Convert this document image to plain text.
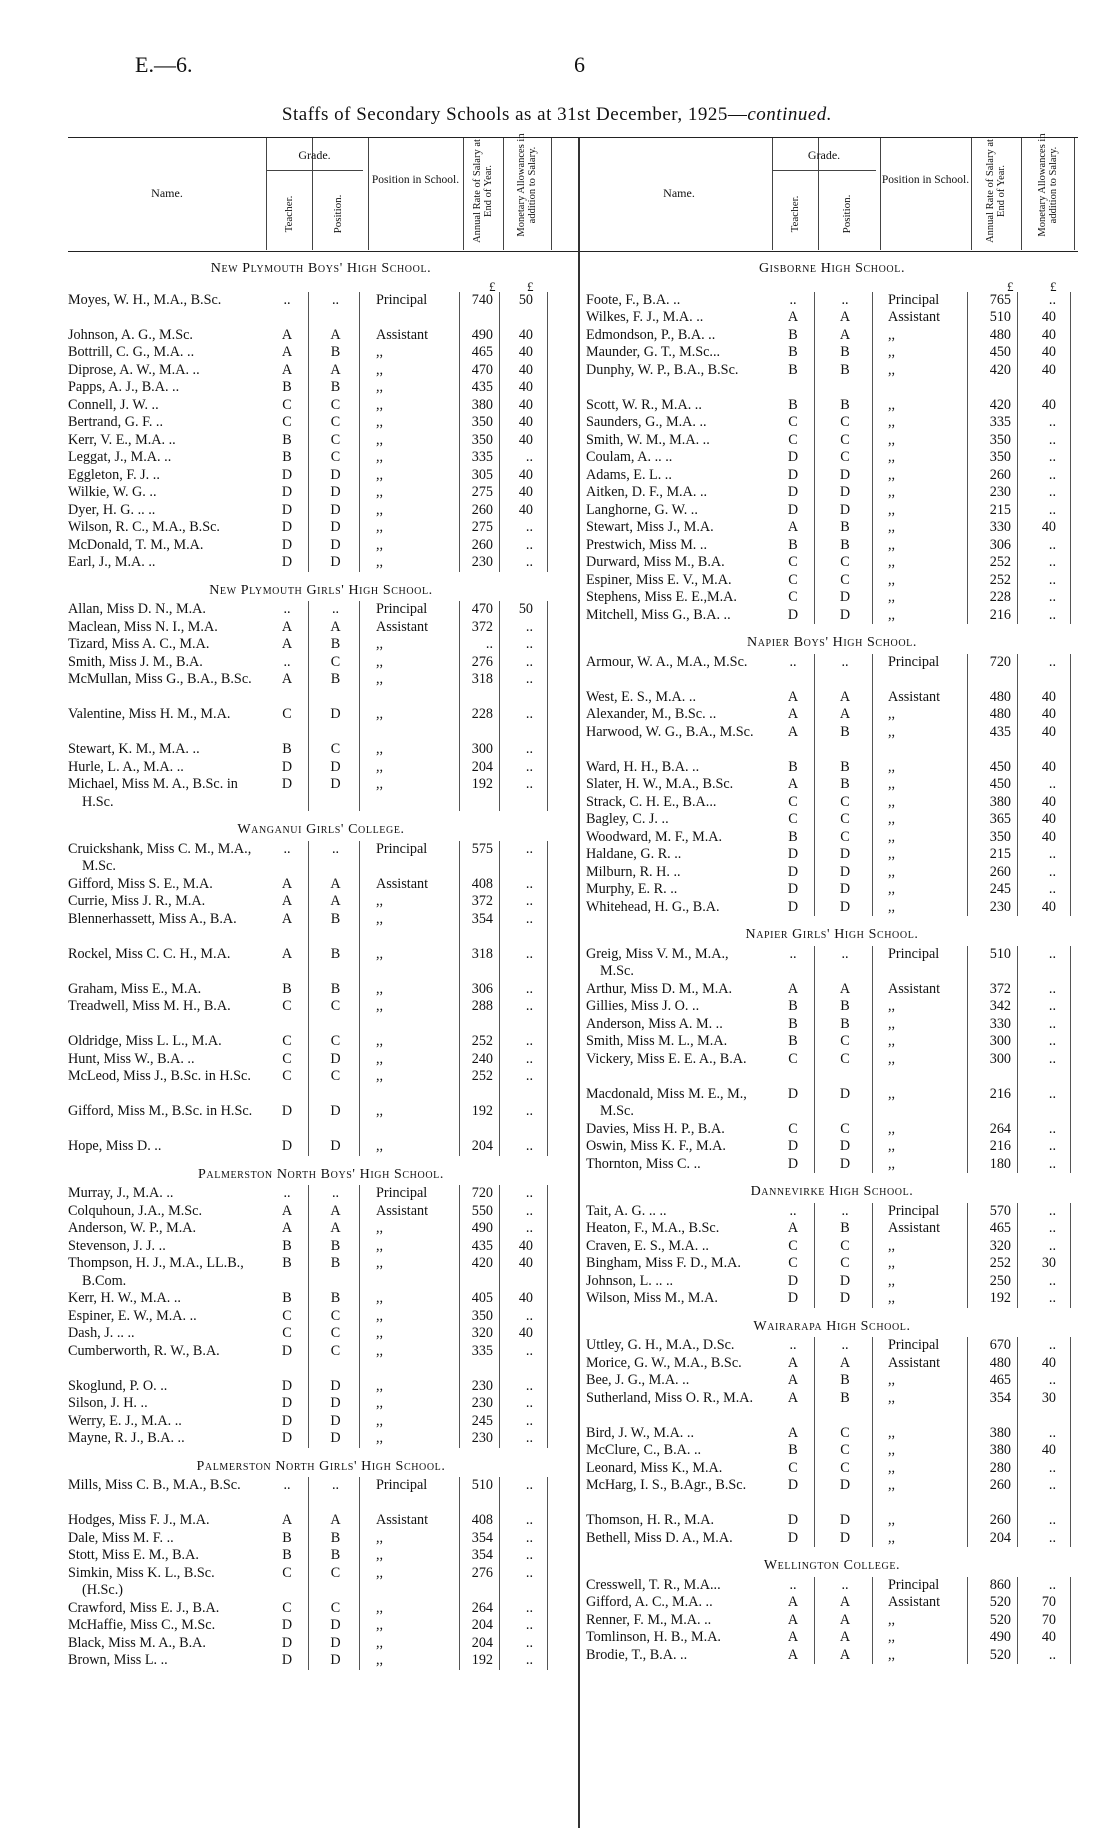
E.—6.	6
Staffs of Secondary Schools as at 31st December, 1925—continued.
Name.
Grade.
Position in School.
Teacher.	Position.	Annual Rate of Salary at End of Year. Monetary Allowances in addition to Salary.
New Plymouth Boys' High School.
£ £
Moyes, W. H., M.A., B.Sc.	..	..	Principal	740	50
Johnson, A. G., M.Sc.	A	A	Assistant	490	40
Bottrill, C. G., M.A. ..	A	B	,,	465	40
Diprose, A. W., M.A. ..	A	A	,,	470	40
Papps, A. J., B.A. ..	B	B	,,	435	40
Connell, J. W. ..	C	C	,,	380	40
Bertrand, G. F. ..	C	C	,,	350	40
Kerr, V. E., M.A. ..	B	C	,,	350	40
Leggat, J., M.A. ..	B	C	,,	335	..
Eggleton, F. J. ..	D	D	,,	305	40
Wilkie, W. G. ..	D	D	,,	275	40
Dyer, H. G. .. ..	D	D	,,	260	40
Wilson, R. C., M.A., B.Sc.	D	D	,,	275	..
McDonald, T. M., M.A.	D	D	,,	260	..
Earl, J., M.A. ..	D	D	,,	230	..
New Plymouth Girls' High School.
Allan, Miss D. N., M.A.	..	..	Principal	470	50
Maclean, Miss N. I., M.A.	A	A	Assistant	372	..
Tizard, Miss A. C., M.A.	A	B	,,	..	..
Smith, Miss J. M., B.A.	..	C	,,	276	..
McMullan, Miss G., B.A., B.Sc.	A	B	,,	318	..
Valentine, Miss H. M., M.A.	C	D	,,	228	..
Stewart, K. M., M.A. ..	B	C	,,	300	..
Hurle, L. A., M.A. ..	D	D	,,	204	..
Michael, Miss M. A., B.Sc. in H.Sc.
D	D	,,	192	..
Wanganui Girls' College.
Cruickshank, Miss C. M., M.A., M.Sc.
..	..	Principal	575	..
Gifford, Miss S. E., M.A.	A	A	Assistant	408	..
Currie, Miss J. R., M.A.	A	A	,,	372	..
Blennerhassett, Miss A., B.A.	A	B	,,	354	..
Rockel, Miss C. C. H., M.A.	A	B	,,	318	..
Graham, Miss E., M.A.	B	B	,,	306	..
Treadwell, Miss M. H., B.A.	C	C	,,	288	..
Oldridge, Miss L. L., M.A.	C	C	,,	252	..
Hunt, Miss W., B.A. ..	C	D	,,	240	..
McLeod, Miss J., B.Sc. in H.Sc.	C	C	,,	252	..
Gifford, Miss M., B.Sc. in H.Sc.	D	D	,,	192	..
Hope, Miss D. ..	D	D	,,	204	..
Palmerston North Boys' High School.
Murray, J., M.A. ..	..	..	Principal	720	..
Colquhoun, J.A., M.Sc.	A	A	Assistant	550	..
Anderson, W. P., M.A.	A	A	,,	490	..
Stevenson, J. J. ..	B	B	,,	435	40
Thompson, H. J., M.A., LL.B., B.Com.
B	B	,,	420	40
Kerr, H. W., M.A. ..	B	B	,,	405	40
Espiner, E. W., M.A. ..	C	C	,,	350	..
Dash, J. .. ..	C	C	,,	320	40
Cumberworth, R. W., B.A.	D	C	,,	335	..
Skoglund, P. O. ..	D	D	,,	230	..
Silson, J. H. ..	D	D	,,	230	..
Werry, E. J., M.A. ..	D	D	,,	245	..
Mayne, R. J., B.A. ..	D	D	,,	230	..
Palmerston North Girls' High School.
Mills, Miss C. B., M.A., B.Sc.	..	..	Principal	510	..
Hodges, Miss F. J., M.A.	A	A	Assistant	408	..
Dale, Miss M. F. ..	B	B	,,	354	..
Stott, Miss E. M., B.A.	B	B	,,	354	..
Simkin, Miss K. L., B.Sc. (H.Sc.)
C	C	,,	276	..
Crawford, Miss E. J., B.A.	C	C	,,	264	..
McHaffie, Miss C., M.Sc.	D	D	,,	204	..
Black, Miss M. A., B.A.	D	D	,,	204	..
Brown, Miss L. ..	D	D	,,	192	..
Name.
Grade.
Position in School.
Teacher.	Position.	Annual Rate of Salary at End of Year.	Monetary Allowances in addition to Salary.
Gisborne High School.
£	£
Foote, F., B.A. ..	..	..	Principal	765	..
Wilkes, F. J., M.A. ..	A	A	Assistant	510	40
Edmondson, P., B.A. ..	B	A	,,	480	40
Maunder, G. T., M.Sc...	B	B	,,	450	40
Dunphy, W. P., B.A., B.Sc.	B	B	,,	420	40
Scott, W. R., M.A. ..	B	B	,,	420	40
Saunders, G., M.A. ..	C	C	,,	335	..
Smith, W. M., M.A. ..	C	C	,,	350	..
Coulam, A. .. ..	D	C	,,	350	..
Adams, E. L. ..	D	D	,,	260	..
Aitken, D. F., M.A. ..	D	D	,,	230	..
Langhorne, G. W. ..	D	D	,,	215	..
Stewart, Miss J., M.A.	A	B	,,	330	40
Prestwich, Miss M. ..	B	B	,,	306	..
Durward, Miss M., B.A.	C	C	,,	252	..
Espiner, Miss E. V., M.A.	C	C	,,	252	..
Stephens, Miss E. E.,M.A.	C	D	,,	228	..
Mitchell, Miss G., B.A. ..	D	D	,,	216	..
Napier Boys' High School.
Armour, W. A., M.A., M.Sc.	..	..	Principal	720	..
West, E. S., M.A. ..	A	A	Assistant	480	40
Alexander, M., B.Sc. ..	A	A	,,	480	40
Harwood, W. G., B.A., M.Sc.	A	B	,,	435	40
Ward, H. H., B.A. ..	B	B	,,	450	40
Slater, H. W., M.A., B.Sc.	A	B	,,	450	..
Strack, C. H. E., B.A...	C	C	,,	380	40
Bagley, C. J. ..	C	C	,,	365	40
Woodward, M. F., M.A.	B	C	,,	350	40
Haldane, G. R. ..	D	D	,,	215	..
Milburn, R. H. ..	D	D	,,	260	..
Murphy, E. R. ..	D	D	,,	245	..
Whitehead, H. G., B.A.	D	D	,,	230	40
Napier Girls' High School.
Greig, Miss V. M., M.A., M.Sc.
..	..	Principal	510	..
Arthur, Miss D. M., M.A.	A	A	Assistant	372	..
Gillies, Miss J. O. ..	B	B	,,	342	..
Anderson, Miss A. M. ..	B	B	,,	330	..
Smith, Miss M. L., M.A.	B	C	,,	300	..
Vickery, Miss E. E. A., B.A.	C	C	,,	300	..
Macdonald, Miss M. E., M., M.Sc.
D	D	,,	216	..
Davies, Miss H. P., B.A.	C	C	,,	264	..
Oswin, Miss K. F., M.A.	D	D	,,	216	..
Thornton, Miss C. ..	D	D	,,	180	..
Dannevirke High School.
Tait, A. G. .. ..	..	..	Principal	570	..
Heaton, F., M.A., B.Sc.	A	B	Assistant	465	..
Craven, E. S., M.A. ..	C	C	,,	320	..
Bingham, Miss F. D., M.A.	C	C	,,	252	30
Johnson, L. .. ..	D	D	,,	250	..
Wilson, Miss M., M.A.	D	D	,,	192	..
Wairarapa High School.
Uttley, G. H., M.A., D.Sc.	..	..	Principal	670	..
Morice, G. W., M.A., B.Sc.	A	A	Assistant	480	40
Bee, J. G., M.A. ..	A	B	,,	465	..
Sutherland, Miss O. R., M.A.	A	B	,,	354	30
Bird, J. W., M.A. ..	A	C	,,	380	..
McClure, C., B.A. ..	B	C	,,	380	40
Leonard, Miss K., M.A.	C	C	,,	280	..
McHarg, I. S., B.Agr., B.Sc.	D	D	,,	260	..
Thomson, H. R., M.A.	D	D	,,	260	..
Bethell, Miss D. A., M.A.	D	D	,,	204	..
Wellington College.
Cresswell, T. R., M.A...	..	..	Principal	860	..
Gifford, A. C., M.A. ..	A	A	Assistant	520	70
Renner, F. M., M.A. ..	A	A	,,	520	70
Tomlinson, H. B., M.A.	A	A	,,	490	40
Brodie, T., B.A. ..	A	A	,,	520	..
